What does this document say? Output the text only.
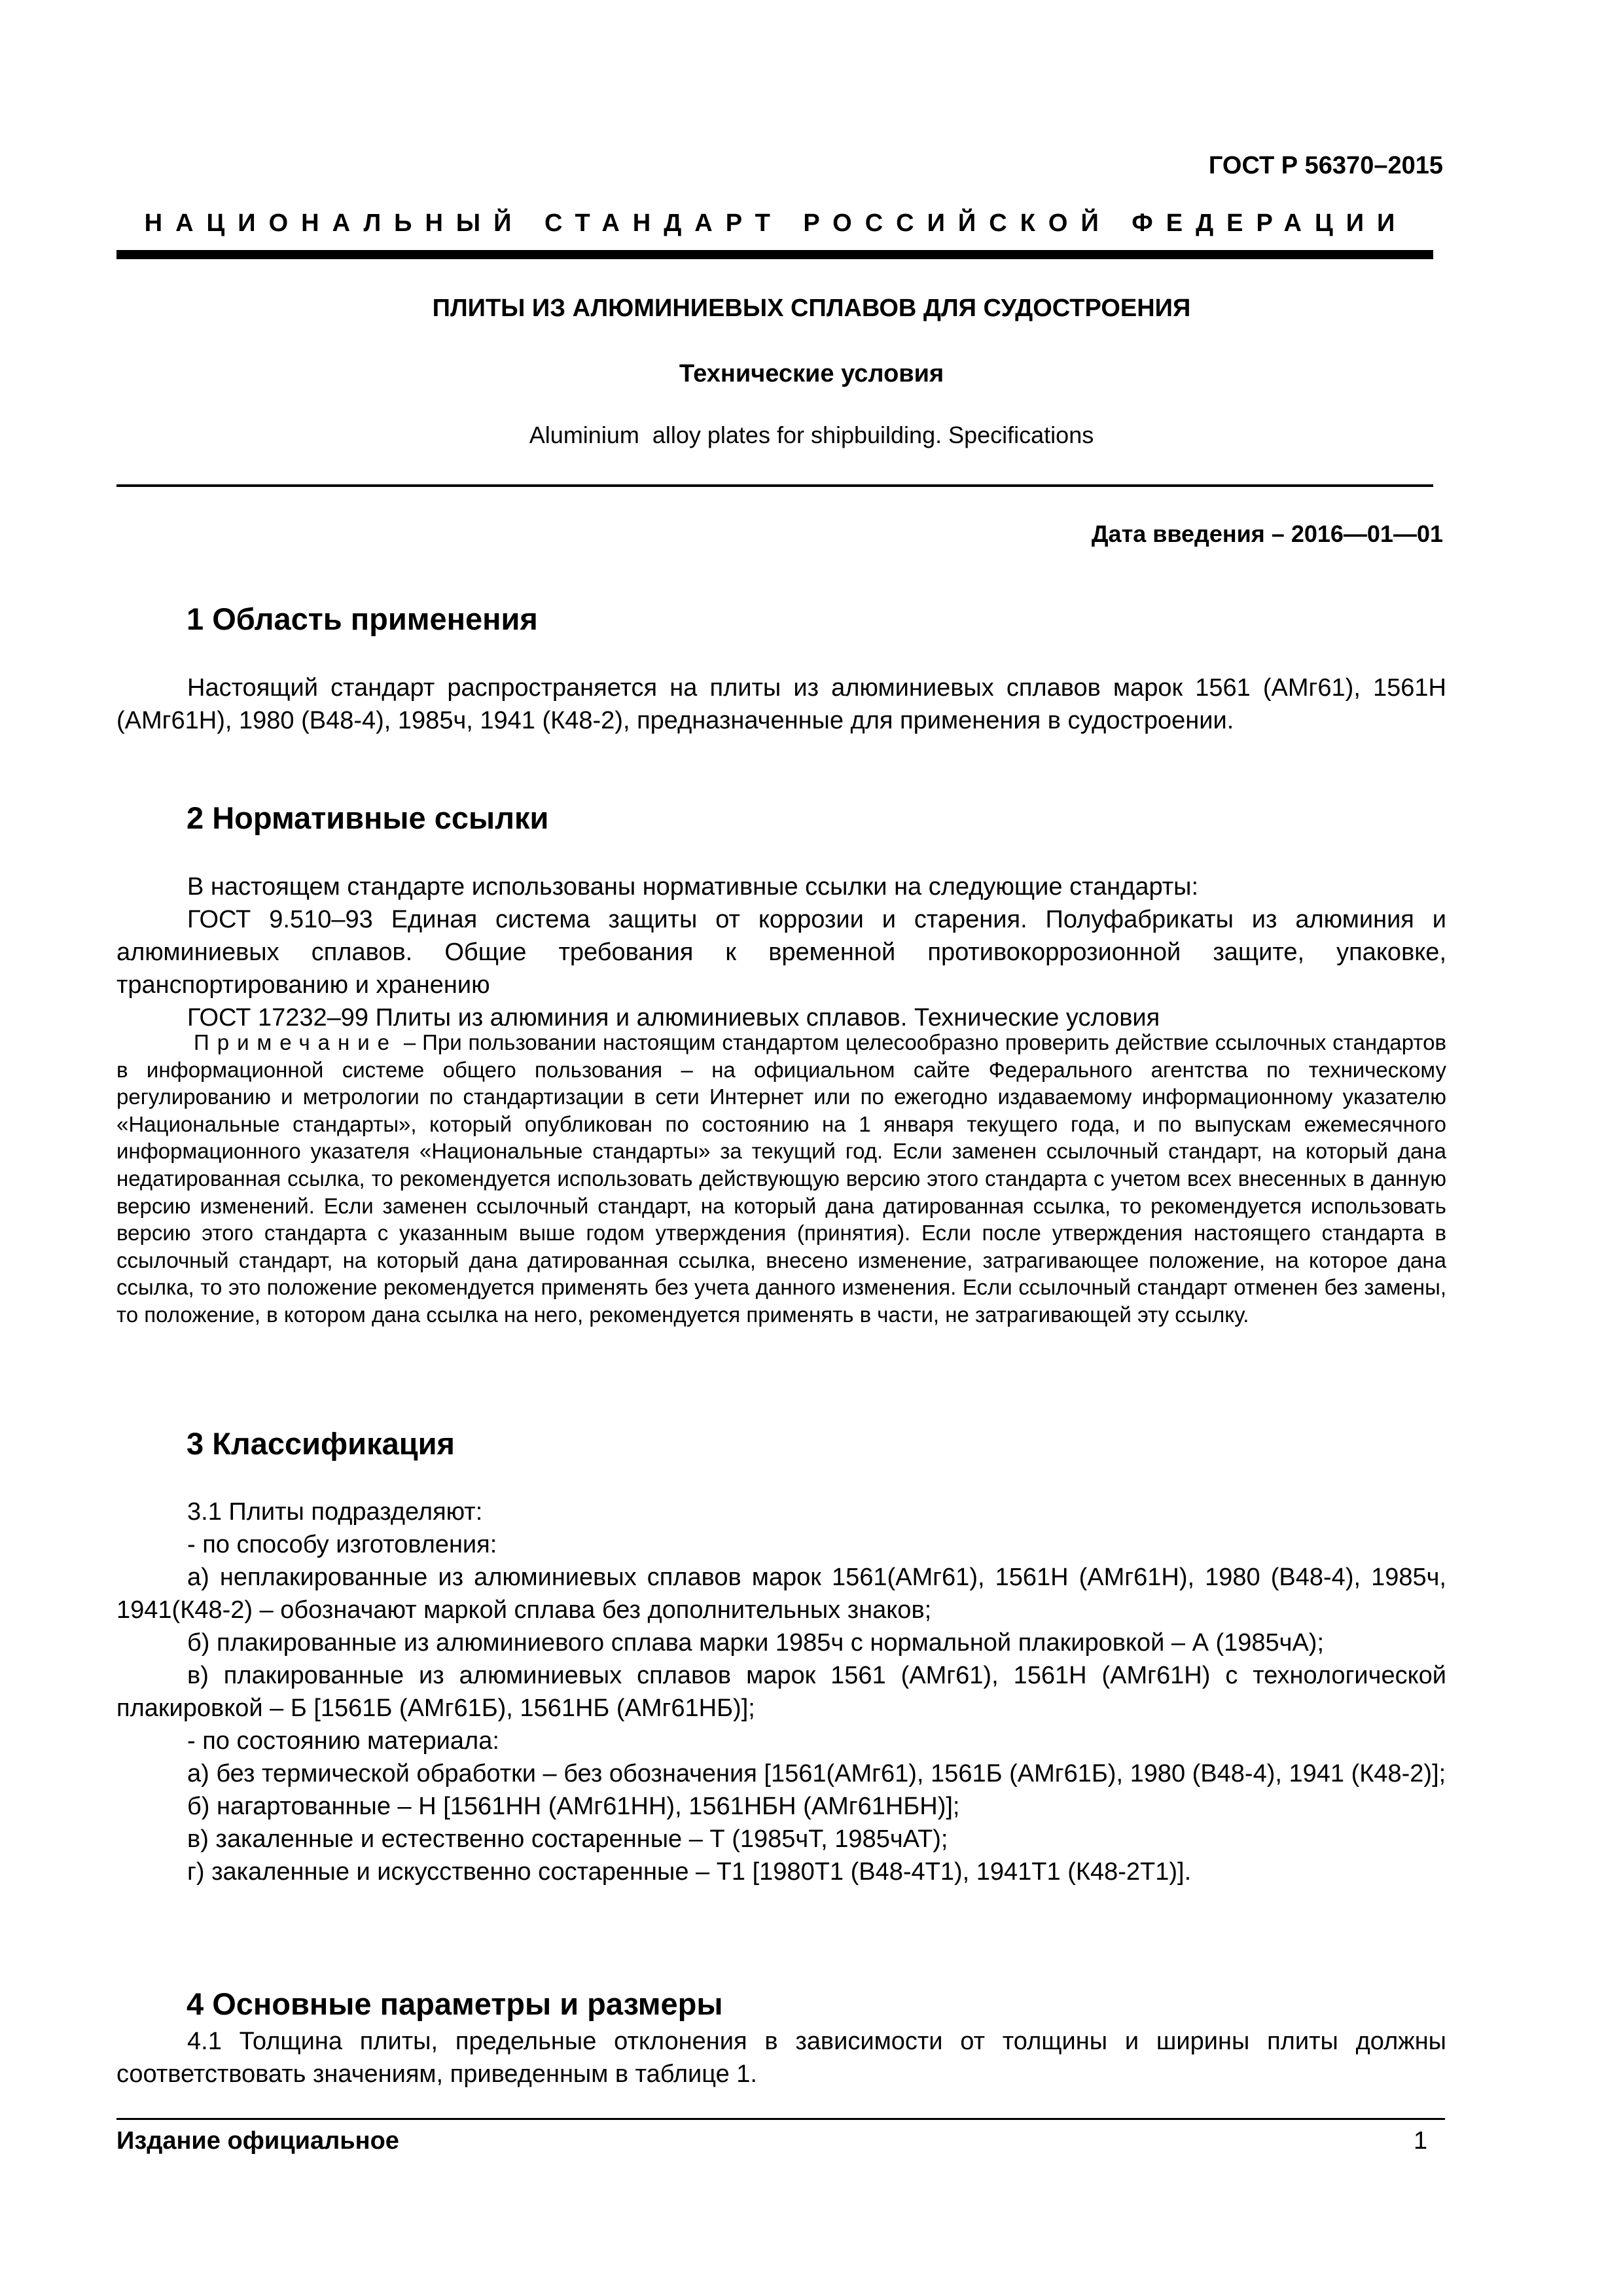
ГОСТ Р 56370–2015
НАЦИОНАЛЬНЫЙ СТАНДАРТ РОССИЙСКОЙ ФЕДЕРАЦИИ
ПЛИТЫ ИЗ АЛЮМИНИЕВЫХ СПЛАВОВ ДЛЯ СУДОСТРОЕНИЯ
Технические условия
Aluminium  alloy plates for shipbuilding. Specifications
Дата введения – 2016—01—01
1 Область применения

Настоящий стандарт распространяется на плиты из алюминиевых сплавов марок 1561 (АМг61), 1561Н (АМг61Н), 1980 (В48-4), 1985ч, 1941 (К48-2), предназначенные для применения в судостроении.

2 Нормативные ссылки

В настоящем стандарте использованы нормативные ссылки на следующие стандарты:

ГОСТ 9.510–93 Единая система защиты от коррозии и старения. Полуфабрикаты из алюминия и алюминиевых сплавов. Общие требования к временной противокоррозионной защите, упаковке, транспортированию и хранению

ГОСТ 17232–99 Плиты из алюминия и алюминиевых сплавов. Технические условия

Примечание – При пользовании настоящим стандартом целесообразно проверить действие ссылочных стандартов в информационной системе общего пользования – на официальном сайте Федерального агентства по техническому регулированию и метрологии по стандартизации в сети Интернет или по ежегодно издаваемому информационному указателю «Национальные стандарты», который опубликован по состоянию на 1 января текущего года, и по выпускам ежемесячного информационного указателя «Национальные стандарты» за текущий год. Если заменен ссылочный стандарт, на который дана недатированная ссылка, то рекомендуется использовать действующую версию этого стандарта с учетом всех внесенных в данную версию изменений. Если заменен ссылочный стандарт, на который дана датированная ссылка, то рекомендуется использовать версию этого стандарта с указанным выше годом утверждения (принятия). Если после утверждения настоящего стандарта в ссылочный стандарт, на который дана датированная ссылка, внесено изменение, затрагивающее положение, на которое дана ссылка, то это положение рекомендуется применять без учета данного изменения. Если ссылочный стандарт отменен без замены, то положение, в котором дана ссылка на него, рекомендуется применять в части, не затрагивающей эту ссылку.

3 Классификация

3.1 Плиты подразделяют:

- по способу изготовления:

а) неплакированные из алюминиевых сплавов марок 1561(АМг61), 1561Н (АМг61Н), 1980 (В48-4), 1985ч, 1941(К48-2) – обозначают маркой сплава без дополнительных знаков;

б) плакированные из алюминиевого сплава марки 1985ч с нормальной плакировкой – А (1985чА);

в) плакированные из алюминиевых сплавов марок 1561 (АМг61), 1561Н (АМг61Н) с технологической плакировкой – Б [1561Б (АМг61Б), 1561НБ (АМг61НБ)];

- по состоянию материала:

а) без термической обработки – без обозначения [1561(АМг61), 1561Б (АМг61Б), 1980 (В48-4), 1941 (К48-2)];

б) нагартованные – Н [1561НН (АМг61НН), 1561НБН (АМг61НБН)];

в) закаленные и естественно состаренные – Т (1985чТ, 1985чАТ);

г) закаленные и искусственно состаренные – Т1 [1980Т1 (В48-4Т1), 1941Т1 (К48-2Т1)].

4 Основные параметры и размеры

4.1 Толщина плиты, предельные отклонения в зависимости от толщины и ширины плиты должны соответствовать значениям, приведенным в таблице 1.

Издание официальное	1
